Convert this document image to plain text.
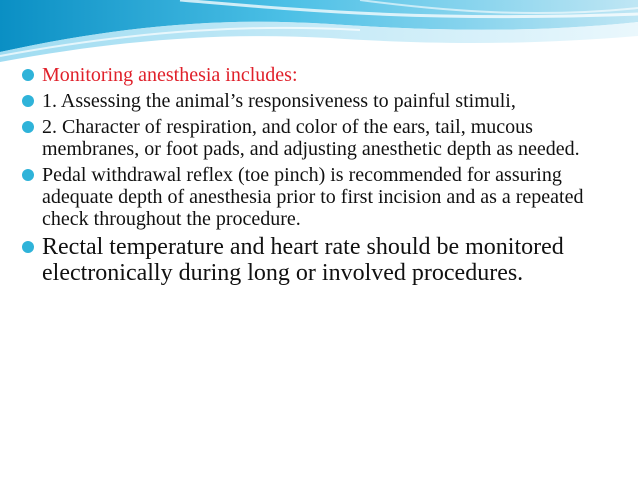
Monitoring anesthesia includes:
1. Assessing the animal’s responsiveness to painful stimuli,
2. Character of respiration, and color of the ears, tail, mucous membranes, or foot pads, and adjusting anesthetic depth as needed.
Pedal withdrawal reflex (toe pinch) is recommended for assuring adequate depth of anesthesia prior to first incision and as a repeated check throughout the procedure.
Rectal temperature and heart rate should be monitored electronically during long or involved procedures.
